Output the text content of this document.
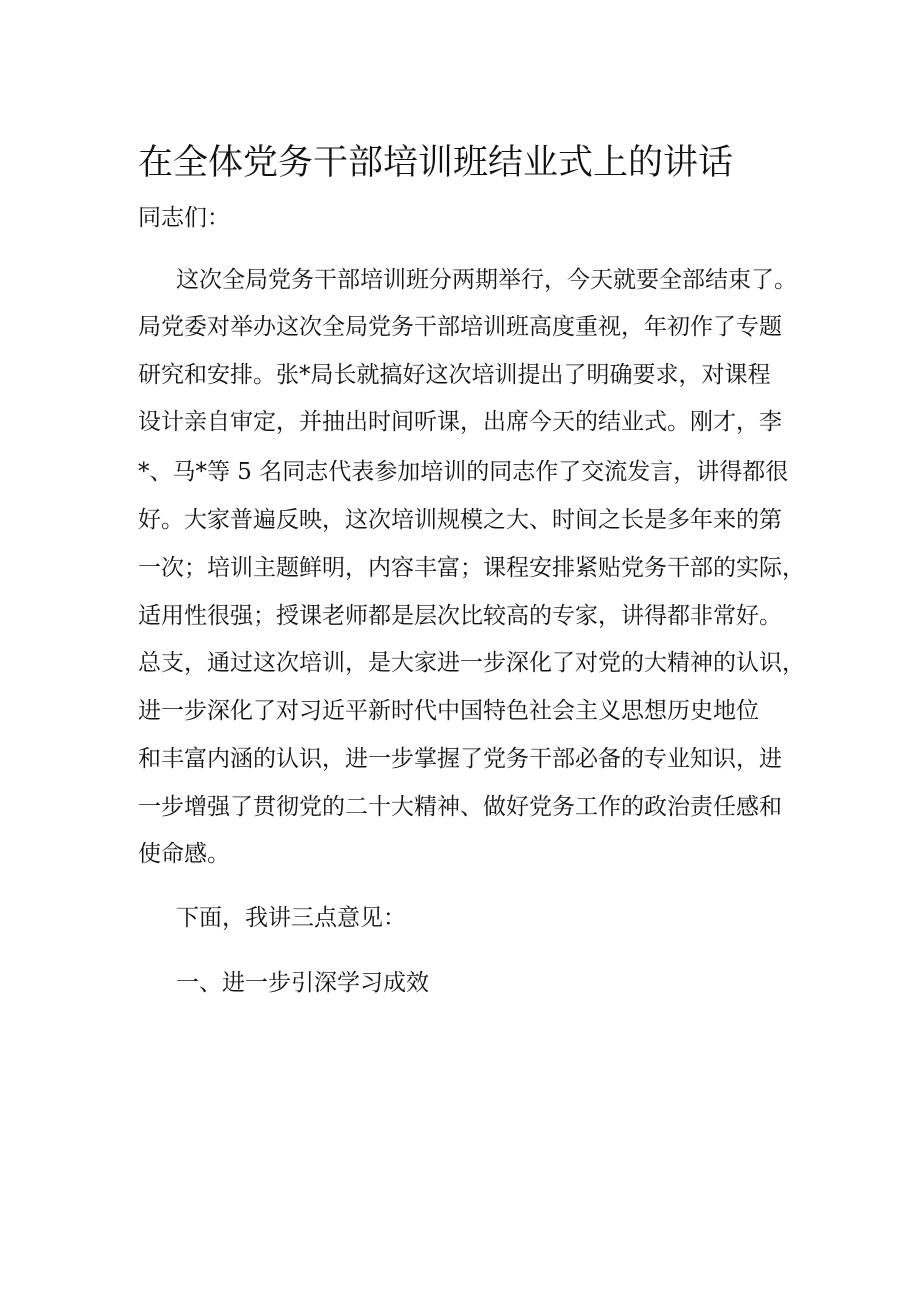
在全体党务干部培训班结业式上的讲话

同志们：

这次全局党务干部培训班分两期举行，今天就要全部结束了。

局党委对举办这次全局党务干部培训班高度重视，年初作了专题

研究和安排。张*局长就搞好这次培训提出了明确要求，对课程

设计亲自审定，并抽出时间听课，出席今天的结业式。刚才，李

*、马*等 5 名同志代表参加培训的同志作了交流发言，讲得都很

好。大家普遍反映，这次培训规模之大、时间之长是多年来的第

一次；培训主题鲜明，内容丰富；课程安排紧贴党务干部的实际，

适用性很强；授课老师都是层次比较高的专家，讲得都非常好。

总支，通过这次培训，是大家进一步深化了对党的大精神的认识，

进一步深化了对习近平新时代中国特色社会主义思想历史地位

和丰富内涵的认识，进一步掌握了党务干部必备的专业知识，进

一步增强了贯彻党的二十大精神、做好党务工作的政治责任感和

使命感。

下面，我讲三点意见：

一、进一步引深学习成效
